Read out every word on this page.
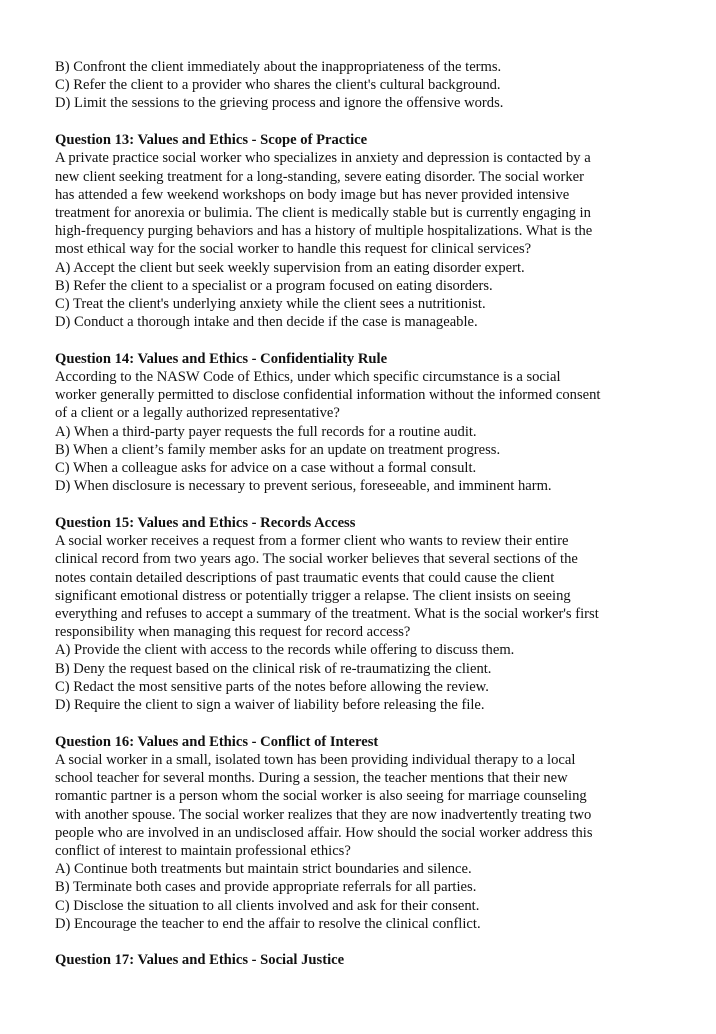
B) Confront the client immediately about the inappropriateness of the terms.

C) Refer the client to a provider who shares the client's cultural background.

D) Limit the sessions to the grieving process and ignore the offensive words.

Question 13: Values and Ethics - Scope of Practice

A private practice social worker who specializes in anxiety and depression is contacted by a

new client seeking treatment for a long-standing, severe eating disorder. The social worker

has attended a few weekend workshops on body image but has never provided intensive

treatment for anorexia or bulimia. The client is medically stable but is currently engaging in

high-frequency purging behaviors and has a history of multiple hospitalizations. What is the

most ethical way for the social worker to handle this request for clinical services?

A) Accept the client but seek weekly supervision from an eating disorder expert.

B) Refer the client to a specialist or a program focused on eating disorders.

C) Treat the client's underlying anxiety while the client sees a nutritionist.

D) Conduct a thorough intake and then decide if the case is manageable.

Question 14: Values and Ethics - Confidentiality Rule

According to the NASW Code of Ethics, under which specific circumstance is a social

worker generally permitted to disclose confidential information without the informed consent

of a client or a legally authorized representative?

A) When a third-party payer requests the full records for a routine audit.

B) When a client’s family member asks for an update on treatment progress.

C) When a colleague asks for advice on a case without a formal consult.

D) When disclosure is necessary to prevent serious, foreseeable, and imminent harm.

Question 15: Values and Ethics - Records Access

A social worker receives a request from a former client who wants to review their entire

clinical record from two years ago. The social worker believes that several sections of the

notes contain detailed descriptions of past traumatic events that could cause the client

significant emotional distress or potentially trigger a relapse. The client insists on seeing

everything and refuses to accept a summary of the treatment. What is the social worker's first

responsibility when managing this request for record access?

A) Provide the client with access to the records while offering to discuss them.

B) Deny the request based on the clinical risk of re-traumatizing the client.

C) Redact the most sensitive parts of the notes before allowing the review.

D) Require the client to sign a waiver of liability before releasing the file.

Question 16: Values and Ethics - Conflict of Interest

A social worker in a small, isolated town has been providing individual therapy to a local

school teacher for several months. During a session, the teacher mentions that their new

romantic partner is a person whom the social worker is also seeing for marriage counseling

with another spouse. The social worker realizes that they are now inadvertently treating two

people who are involved in an undisclosed affair. How should the social worker address this

conflict of interest to maintain professional ethics?

A) Continue both treatments but maintain strict boundaries and silence.

B) Terminate both cases and provide appropriate referrals for all parties.

C) Disclose the situation to all clients involved and ask for their consent.

D) Encourage the teacher to end the affair to resolve the clinical conflict.

Question 17: Values and Ethics - Social Justice
